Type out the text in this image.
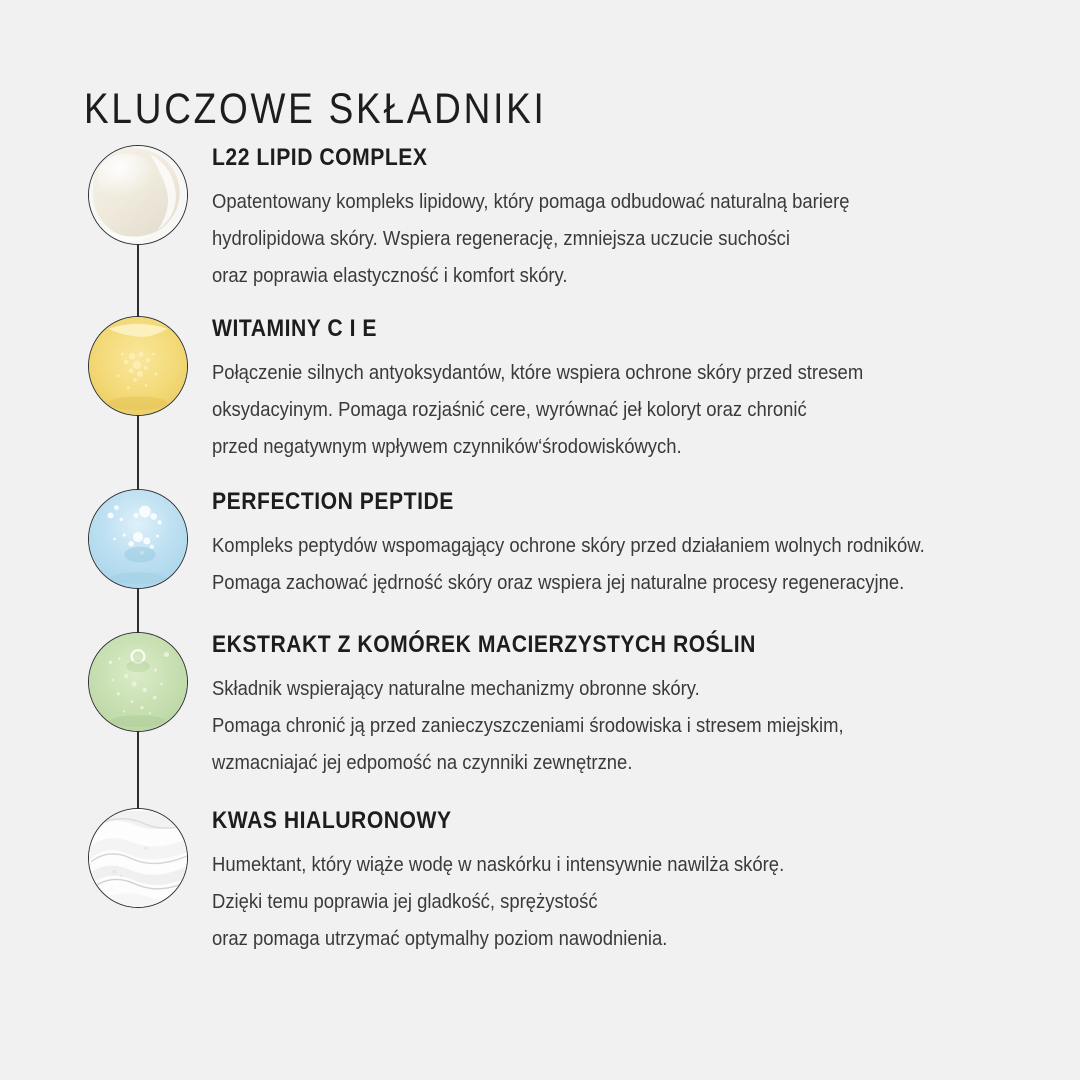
KLUCZOWE SKŁADNIKI
L22 LIPID COMPLEX
Opatentowany kompleks lipidowy, który pomaga odbudować naturalną barierę
hydrolipidowa skóry. Wspiera regenerację, zmniejsza uczucie suchości
oraz poprawia elastyczność i komfort skóry.
WITAMINY C I E
Połączenie silnych antyoksydantów, które wspiera ochrone skóry przed stresem
oksydacyinym. Pomaga rozjaśnić cere, wyrównać jeł koloryt oraz chronić
przed negatywnym wpływem czynników‘środowiskówych.
PERFECTION PEPTIDE
Kompleks peptydów wspomagąjący ochrone skóry przed działaniem wolnych rodników.
Pomaga zachować jędrność skóry oraz wspiera jej naturalne procesy regeneracyjne.
EKSTRAKT Z KOMÓREK MACIERZYSTYCH ROŚLIN
Składnik wspierający naturalne mechanizmy obronne skóry.
Pomaga chronić ją przed zanieczyszczeniami środowiska i stresem miejskim,
wzmacniajać jej edpomość na czynniki zewnętrzne.
KWAS HIALURONOWY
Humektant, który wiąże wodę w naskórku i intensywnie nawilża skórę.
Dzięki temu poprawia jej gladkość, sprężystość
oraz pomaga utrzymać optymalhy poziom nawodnienia.
